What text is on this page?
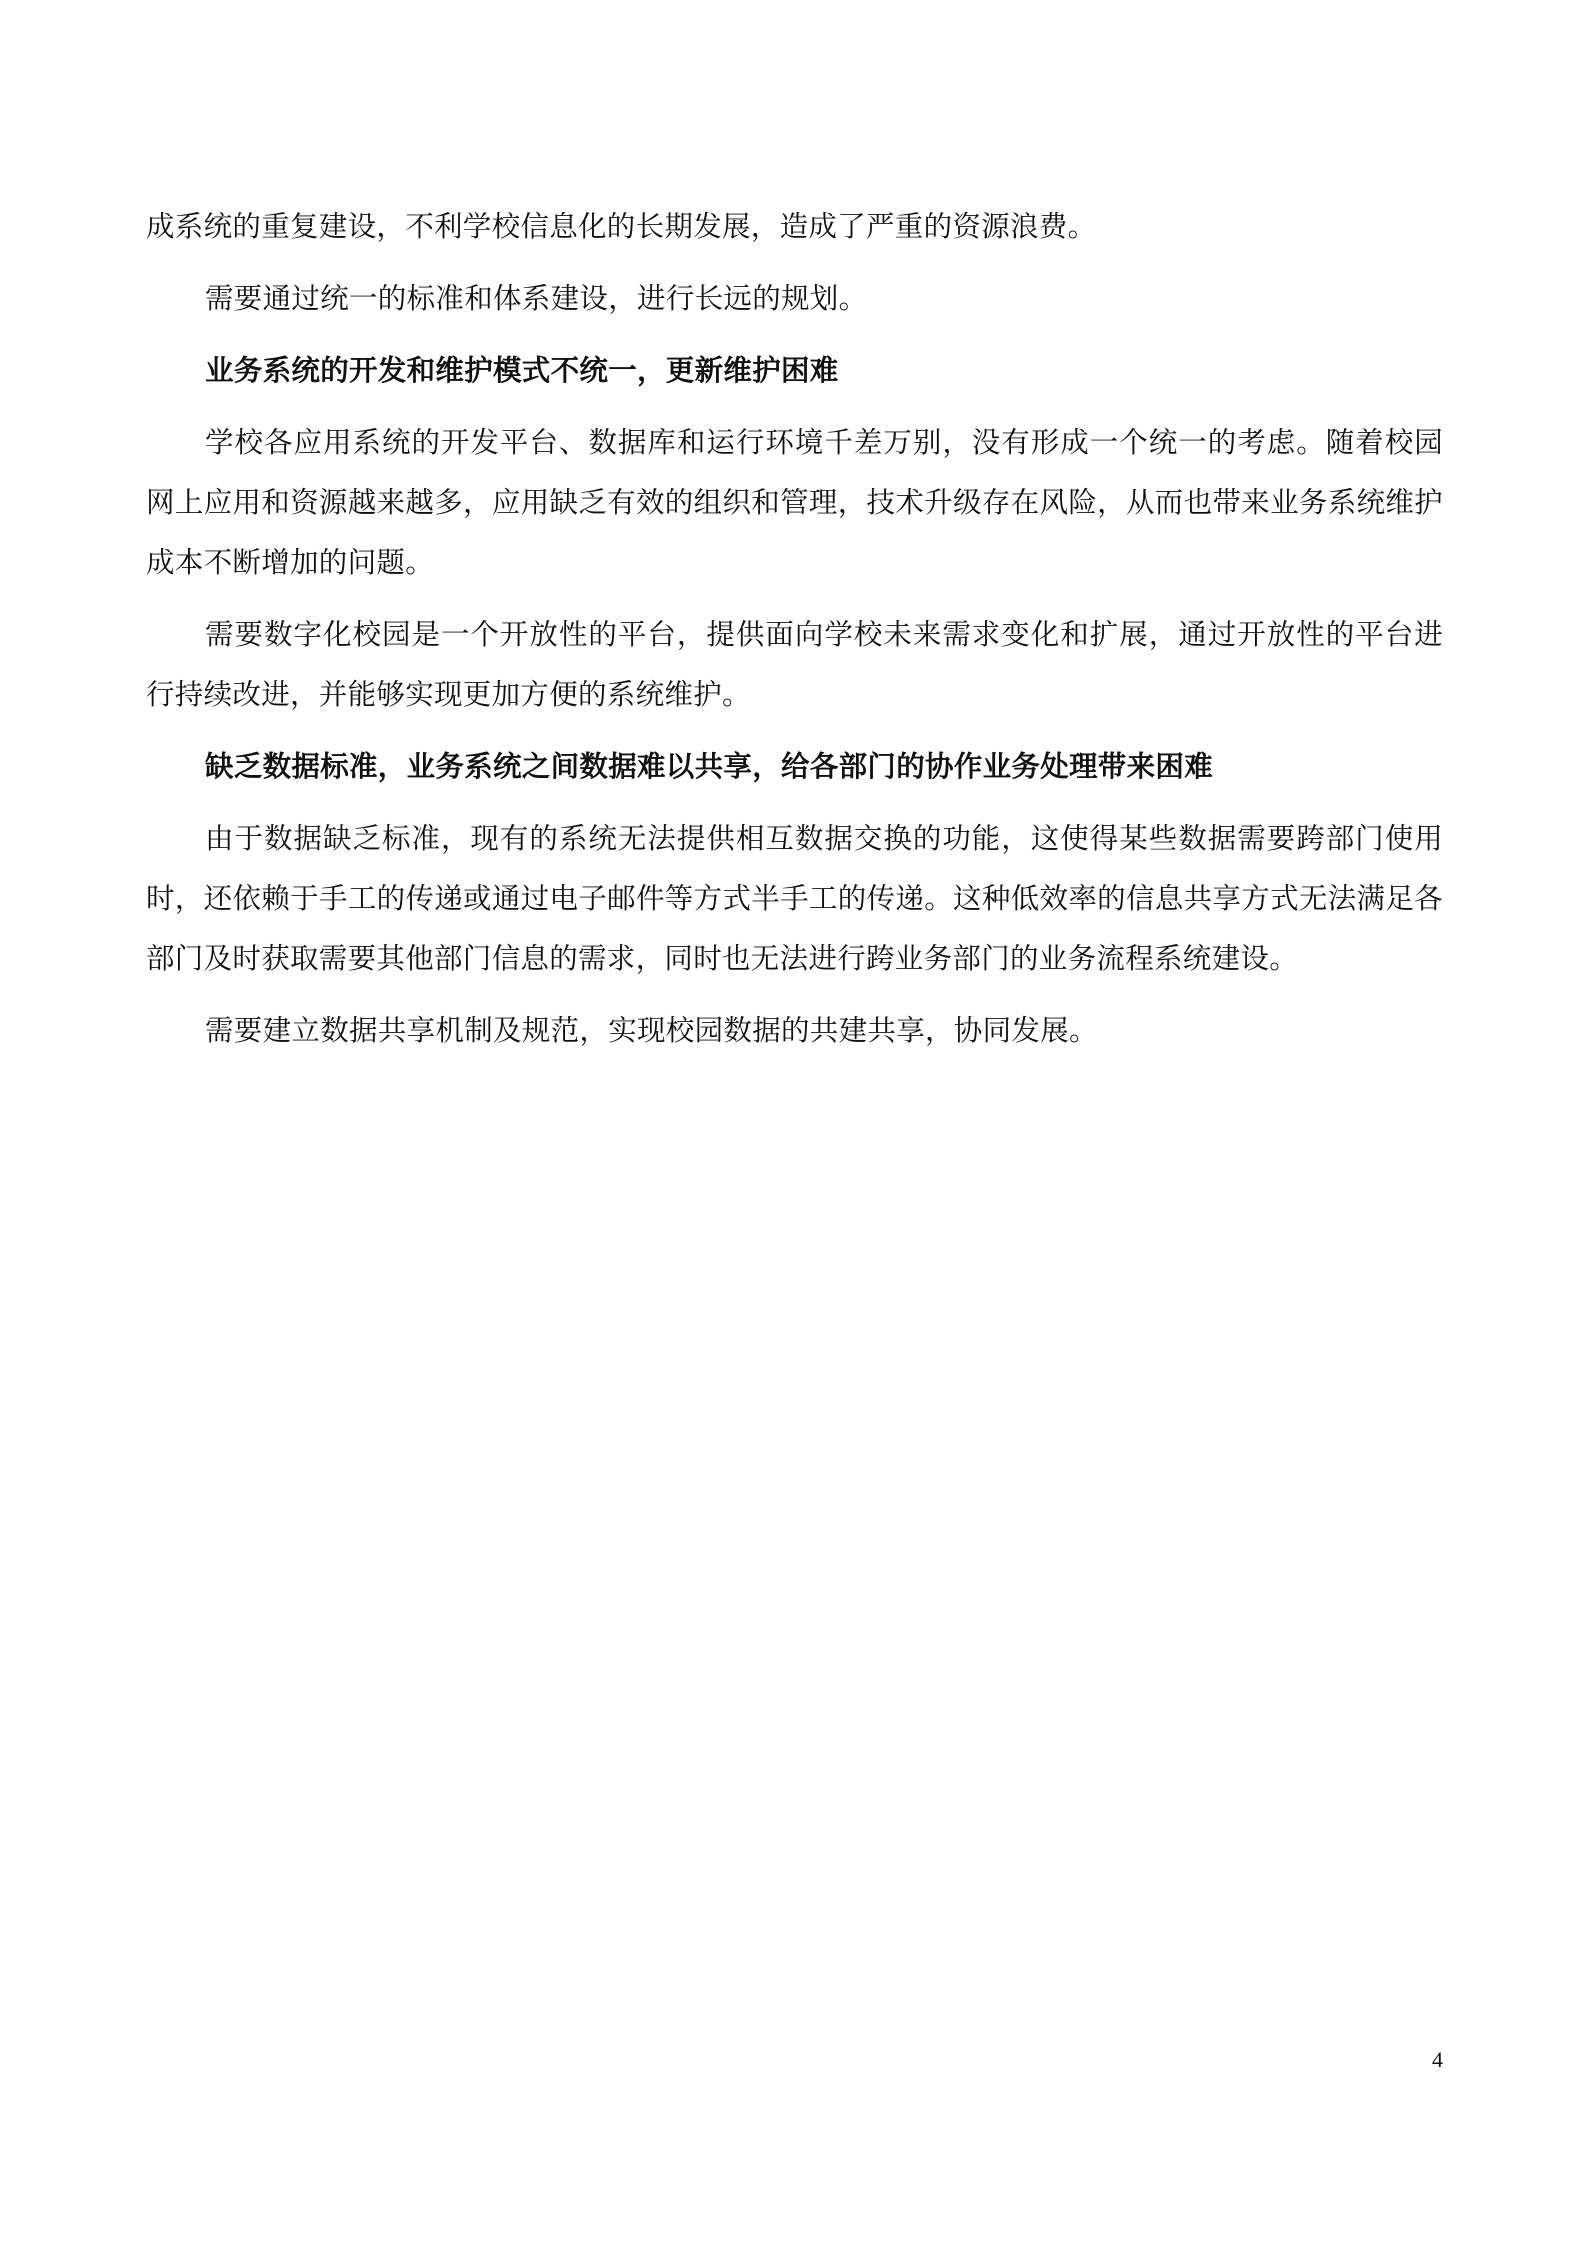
成系统的重复建设，不利学校信息化的长期发展，造成了严重的资源浪费。

需要通过统一的标准和体系建设，进行长远的规划。

业务系统的开发和维护模式不统一，更新维护困难

学校各应用系统的开发平台、数据库和运行环境千差万别，没有形成一个统一的考虑。随着校园网上应用和资源越来越多，应用缺乏有效的组织和管理，技术升级存在风险，从而也带来业务系统维护成本不断增加的问题。

需要数字化校园是一个开放性的平台，提供面向学校未来需求变化和扩展，通过开放性的平台进行持续改进，并能够实现更加方便的系统维护。

缺乏数据标准，业务系统之间数据难以共享，给各部门的协作业务处理带来困难

由于数据缺乏标准，现有的系统无法提供相互数据交换的功能，这使得某些数据需要跨部门使用时，还依赖于手工的传递或通过电子邮件等方式半手工的传递。这种低效率的信息共享方式无法满足各部门及时获取需要其他部门信息的需求，同时也无法进行跨业务部门的业务流程系统建设。

需要建立数据共享机制及规范，实现校园数据的共建共享，协同发展。

4
